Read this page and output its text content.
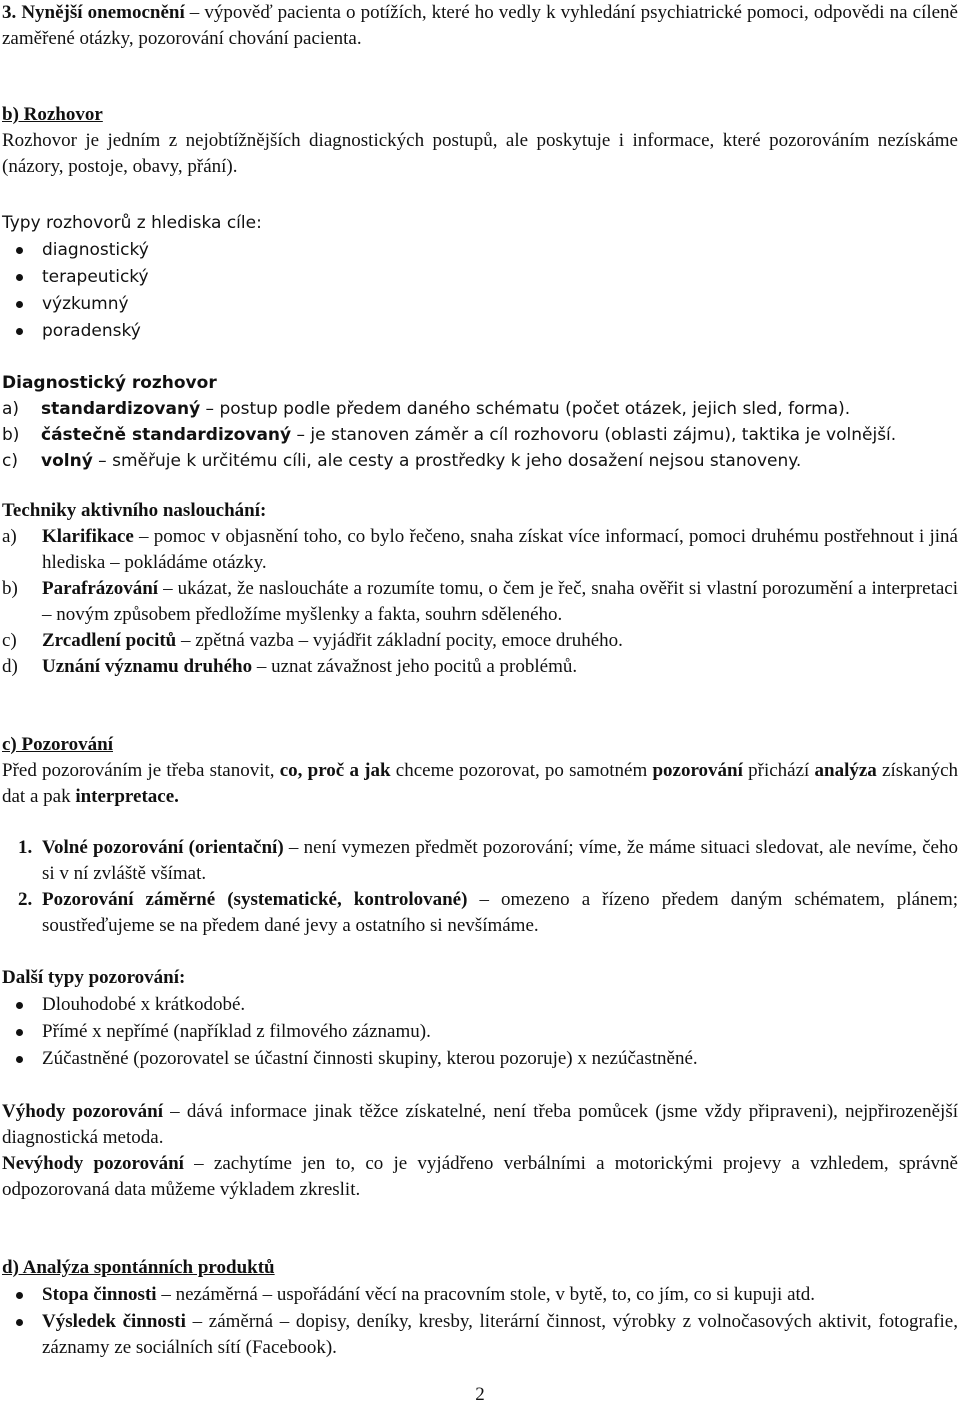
3. Nynější onemocnění – výpověď pacienta o potížích, které ho vedly k vyhledání psychiatrické pomoci, odpovědi na cíleně zaměřené otázky, pozorování chování pacienta.
b) Rozhovor
Rozhovor je jedním z nejobtížnějších diagnostických postupů, ale poskytuje i informace, které pozorováním nezískáme (názory, postoje, obavy, přání).
Typy rozhovorů z hlediska cíle:
diagnostický
terapeutický
výzkumný
poradenský
Diagnostický rozhovor
a) standardizovaný – postup podle předem daného schématu (počet otázek, jejich sled, forma).
b) částečně standardizovaný – je stanoven záměr a cíl rozhovoru (oblasti zájmu), taktika je volnější.
c) volný – směřuje k určitému cíli, ale cesty a prostředky k jeho dosažení nejsou stanoveny.
Techniky aktivního naslouchání:
a)	Klarifikace – pomoc v objasnění toho, co bylo řečeno, snaha získat více informací, pomoci druhému postřehnout i jiná hlediska – pokládáme otázky.
b)	Parafrázování – ukázat, že nasloucháte a rozumíte tomu, o čem je řeč, snaha ověřit si vlastní porozumění a interpretaci – novým způsobem předložíme myšlenky a fakta, souhrn sděleného.
c)	Zrcadlení pocitů – zpětná vazba – vyjádřit základní pocity, emoce druhého.
d)	Uznání významu druhého – uznat závažnost jeho pocitů a problémů.
c) Pozorování
Před pozorováním je třeba stanovit, co, proč a jak chceme pozorovat, po samotném pozorování přichází analýza získaných dat a pak interpretace.
1. Volné pozorování (orientační) – není vymezen předmět pozorování; víme, že máme situaci sledovat, ale nevíme, čeho si v ní zvláště všímat.
2. Pozorování záměrné (systematické, kontrolované) – omezeno a řízeno předem daným schématem, plánem; soustřeďujeme se na předem dané jevy a ostatního si nevšímáme.
Další typy pozorování:
Dlouhodobé x krátkodobé.
Přímé x nepřímé (například z filmového záznamu).
Zúčastněné (pozorovatel se účastní činnosti skupiny, kterou pozoruje) x nezúčastněné.
Výhody pozorování – dává informace jinak těžce získatelné, není třeba pomůcek (jsme vždy připraveni), nejpřirozenější diagnostická metoda.
Nevýhody pozorování – zachytíme jen to, co je vyjádřeno verbálními a motorickými projevy a vzhledem, správně odpozorovaná data můžeme výkladem zkreslit.
d) Analýza spontánních produktů
Stopa činnosti – nezáměrná – uspořádání věcí na pracovním stole, v bytě, to, co jím, co si kupuji atd.
Výsledek činnosti – záměrná – dopisy, deníky, kresby, literární činnost, výrobky z volnočasových aktivit, fotografie, záznamy ze sociálních sítí (Facebook).
2
